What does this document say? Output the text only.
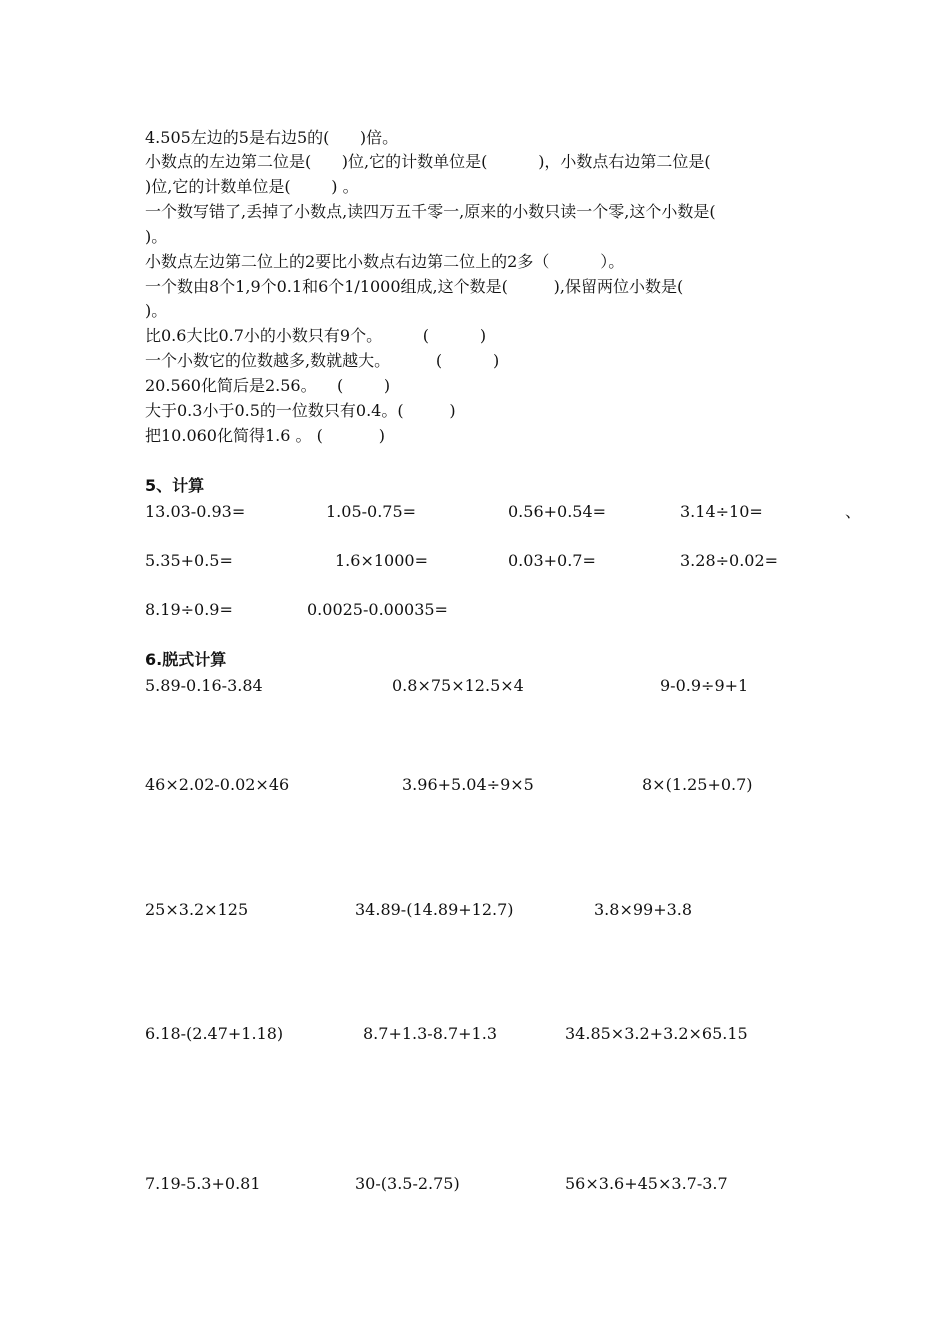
4.505左边的5是右边5的(      )倍。
小数点的左边第二位是(      )位,它的计数单位是(          )，小数点右边第二位是(
)位,它的计数单位是(        ) 。
一个数写错了,丢掉了小数点,读四万五千零一,原来的小数只读一个零,这个小数是(
)。
小数点左边第二位上的2要比小数点右边第二位上的2多（          ）。
一个数由8个1,9个0.1和6个1/1000组成,这个数是(         ),保留两位小数是(
)。
比0.6大比0.7小的小数只有9个。        (          )
一个小数它的位数越多,数就越大。         (          )
20.560化简后是2.56。    (        )
大于0.3小于0.5的一位数只有0.4。(         )
把10.060化简得1.6 。 (           )
5、计算
13.03-0.93=	1.05-0.75=	0.56+0.54=	3.14÷10=	、
5.35+0.5=	1.6×1000=	0.03+0.7=	3.28÷0.02=
8.19÷0.9=	0.0025-0.00035=
6.脱式计算
5.89-0.16-3.84	0.8×75×12.5×4	9-0.9÷9+1
46×2.02-0.02×46	3.96+5.04÷9×5	8×(1.25+0.7)
25×3.2×125	34.89-(14.89+12.7)	3.8×99+3.8
6.18-(2.47+1.18)	8.7+1.3-8.7+1.3	34.85×3.2+3.2×65.15
7.19-5.3+0.81	30-(3.5-2.75)	56×3.6+45×3.7-3.7
